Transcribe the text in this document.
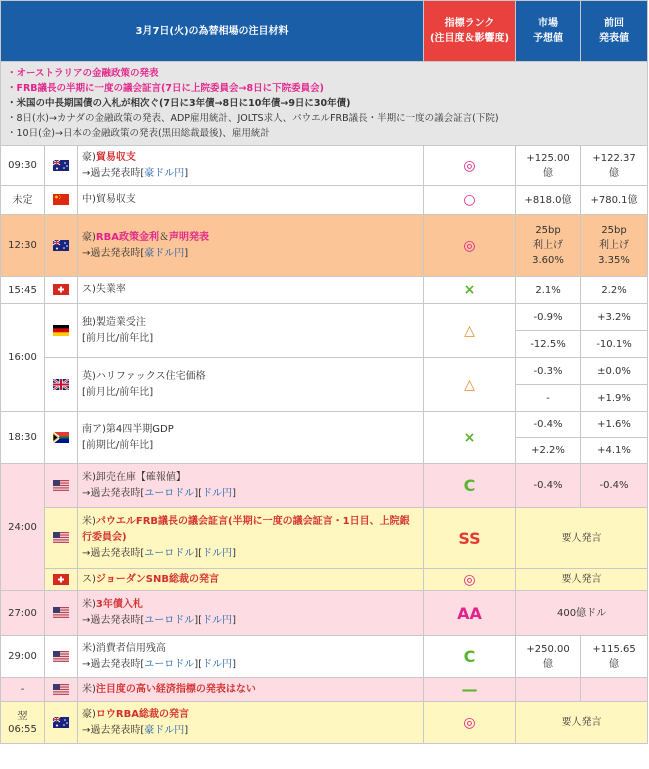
3月7日(火)の為替相場の注目材料			指標ランク
(注目度＆影響度)	市場
予想値	前回
発表値

・オーストラリアの金融政策の発表
・FRB議長の半期に一度の議会証言(7日に上院委員会→8日に下院委員会)
・米国の中長期国債の入札が相次ぐ(7日に3年債→8日に10年債→9日に30年債)
・8日(水)→カナダの金融政策の発表、ADP雇用統計、JOLTS求人、パウエルFRB議長・半期に一度の議会証言(下院)
・10日(金)→日本の金融政策の発表(黒田総裁最後)、雇用統計					

09:30		豪)貿易収支
→過去発表時[豪ドル円]	◎	+125.00
億	+122.37
億
未定		中)貿易収支	○	+818.0億	+780.1億
12:30		豪)RBA政策金利＆声明発表
→過去発表時[豪ドル円]	◎	25bp
利上げ
3.60%	25bp
利上げ
3.35%
15:45		ス)失業率	×	2.1%	2.2%
16:00		独)製造業受注
[前月比/前年比]	△	-0.9%	+3.2%
				-12.5%	-10.1%
	英)ハリファックス住宅価格
[前月比/前年比]	△	-0.3%	±0.0%
				-	+1.9%
18:30		南ア)第4四半期GDP
[前期比/前年比]	×	-0.4%	+1.6%
				+2.2%	+4.1%
24:00		米)卸売在庫【確報値】
→過去発表時[ユーロドル][ドル円]	C	-0.4%	-0.4%
	米)パウエルFRB議長の議会証言(半期に一度の議会証言・1日目、上院銀行委員会)
→過去発表時[ユーロドル][ドル円]	SS	要人発言	
	ス)ジョーダンSNB総裁の発言	◎	要人発言	
27:00		米)3年債入札
→過去発表時[ユーロドル][ドル円]	AA	400億ドル	
29:00		米)消費者信用残高
→過去発表時[ユーロドル][ドル円]	C	+250.00
億	+115.65
億
-		米)注目度の高い経済指標の発表はない	—		
翌
06:55		豪)ロウRBA総裁の発言
→過去発表時[豪ドル円]	◎	要人発言	
